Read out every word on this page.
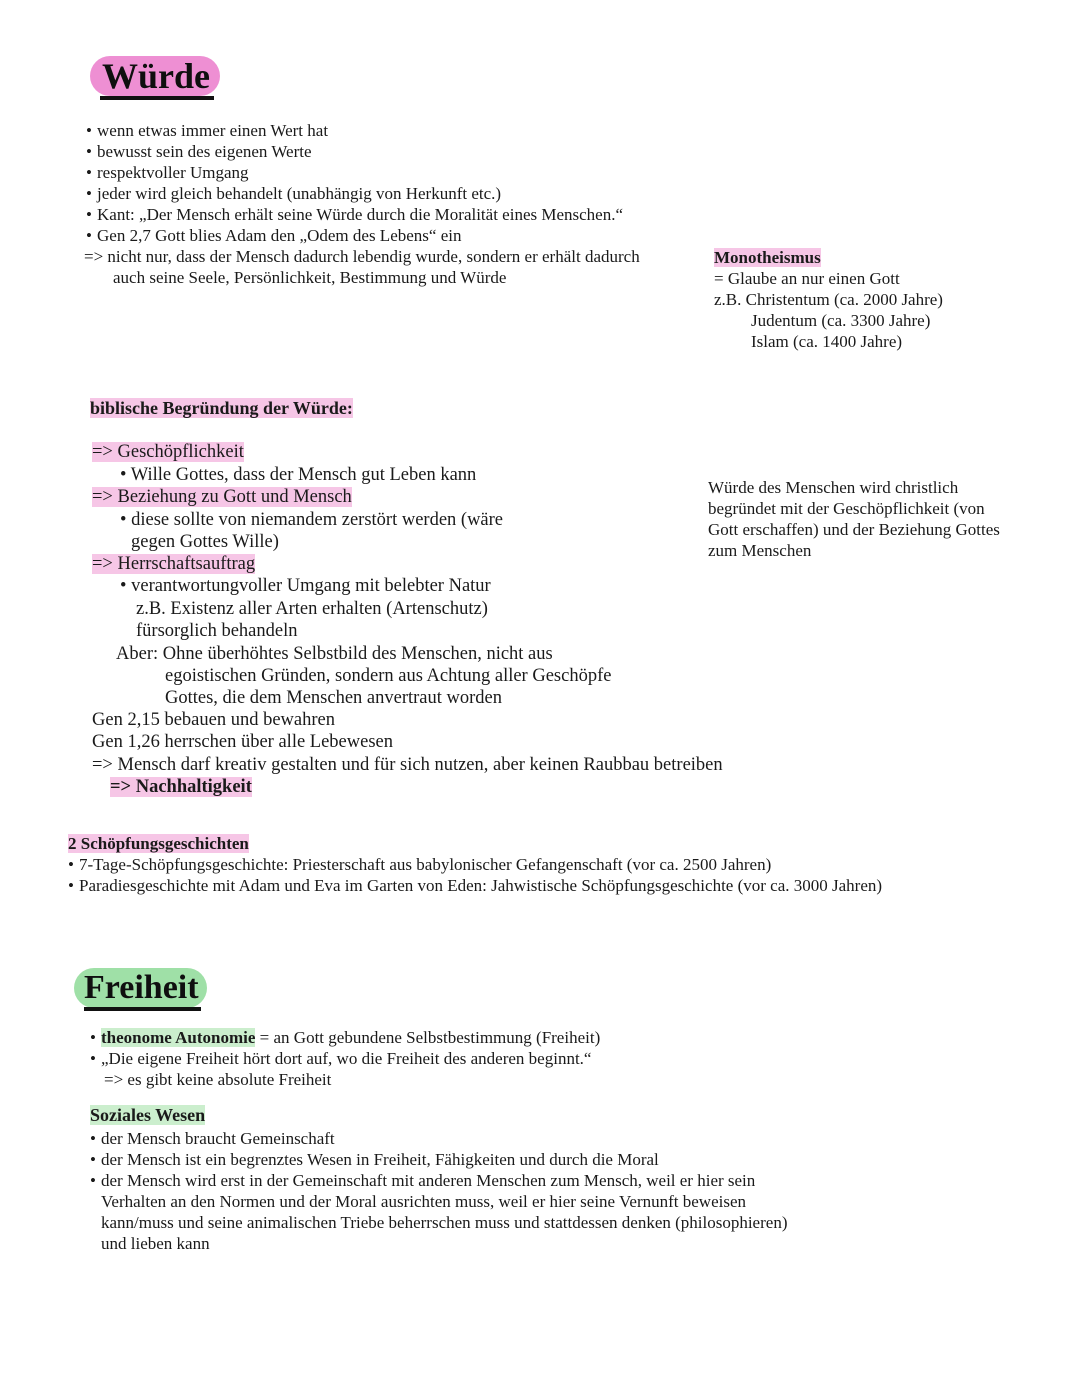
Würde
• wenn etwas immer einen Wert hat
• bewusst sein des eigenen Werte
• respektvoller Umgang
• jeder wird gleich behandelt (unabhängig von Herkunft etc.)
• Kant: „Der Mensch erhält seine Würde durch die Moralität eines Menschen.“
• Gen 2,7 Gott blies Adam den „Odem des Lebens“ ein
=> nicht nur, dass der Mensch dadurch lebendig wurde, sondern er erhält dadurch
auch seine Seele, Persönlichkeit, Bestimmung und Würde
Monotheismus
= Glaube an nur einen Gott
z.B. Christentum (ca. 2000 Jahre)
Judentum (ca. 3300 Jahre)
Islam (ca. 1400 Jahre)
biblische Begründung der Würde:
=> Geschöpflichkeit
• Wille Gottes, dass der Mensch gut Leben kann
=> Beziehung zu Gott und Mensch
• diese sollte von niemandem zerstört werden (wäre
gegen Gottes Wille)
=> Herrschaftsauftrag
• verantwortungvoller Umgang mit belebter Natur
z.B. Existenz aller Arten erhalten (Artenschutz)
fürsorglich behandeln
Aber: Ohne überhöhtes Selbstbild des Menschen, nicht aus
egoistischen Gründen, sondern aus Achtung aller Geschöpfe
Gottes, die dem Menschen anvertraut worden
Gen 2,15 bebauen und bewahren
Gen 1,26 herrschen über alle Lebewesen
=> Mensch darf kreativ gestalten und für sich nutzen, aber keinen Raubbau betreiben
=> Nachhaltigkeit
Würde des Menschen wird christlich
begründet mit der Geschöpflichkeit (von
Gott erschaffen) und der Beziehung Gottes
zum Menschen
2 Schöpfungsgeschichten
• 7-Tage-Schöpfungsgeschichte: Priesterschaft aus babylonischer Gefangenschaft (vor ca. 2500 Jahren)
• Paradiesgeschichte mit Adam und Eva im Garten von Eden: Jahwistische Schöpfungsgeschichte (vor ca. 3000 Jahren)
Freiheit
• theonome Autonomie = an Gott gebundene Selbstbestimmung (Freiheit)
• „Die eigene Freiheit hört dort auf, wo die Freiheit des anderen beginnt.“
=> es gibt keine absolute Freiheit
Soziales Wesen
• der Mensch braucht Gemeinschaft
• der Mensch ist ein begrenztes Wesen in Freiheit, Fähigkeiten und durch die Moral
• der Mensch wird erst in der Gemeinschaft mit anderen Menschen zum Mensch, weil er hier sein
Verhalten an den Normen und der Moral ausrichten muss, weil er hier seine Vernunft beweisen
kann/muss und seine animalischen Triebe beherrschen muss und stattdessen denken (philosophieren)
und lieben kann
